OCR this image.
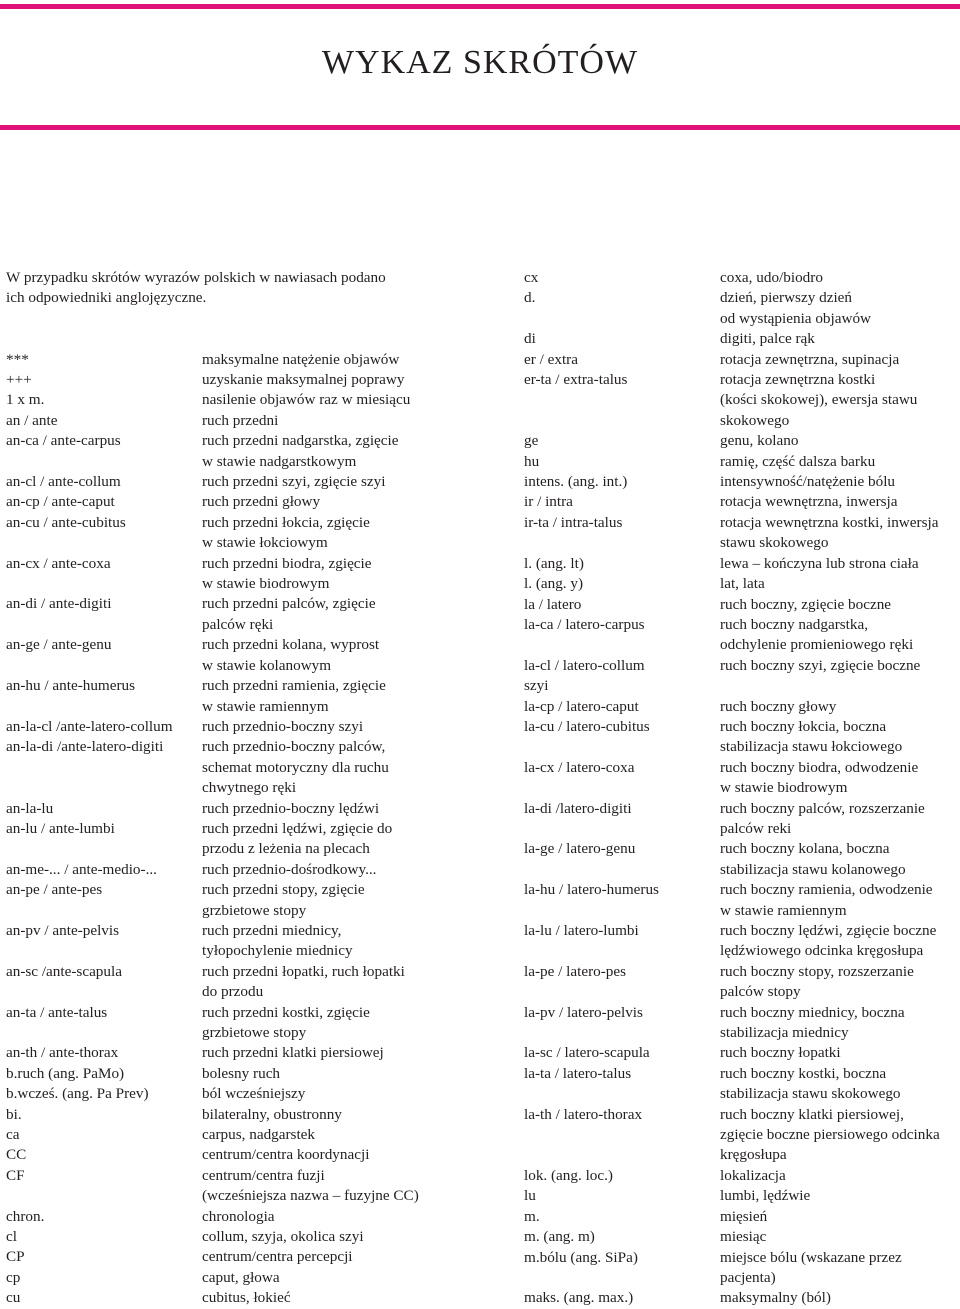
WYKAZ SKRÓTÓW

W przypadku skrótów wyrazów polskich w nawiasach podano
ich odpowiedniki anglojęzyczne.

***	maksymalne natężenie objawów
+++	uzyskanie maksymalnej poprawy
1 x m.	nasilenie objawów raz w miesiącu
an / ante	ruch przedni
an-ca / ante-carpus	ruch przedni nadgarstka, zgięcie
w stawie nadgarstkowym
an-cl / ante-collum	ruch przedni szyi, zgięcie szyi
an-cp / ante-caput	ruch przedni głowy
an-cu / ante-cubitus	ruch przedni łokcia, zgięcie
w stawie łokciowym
an-cx / ante-coxa	ruch przedni biodra, zgięcie
w stawie biodrowym
an-di / ante-digiti	ruch przedni palców, zgięcie
palców ręki
an-ge / ante-genu	ruch przedni kolana, wyprost
w stawie kolanowym
an-hu / ante-humerus	ruch przedni ramienia, zgięcie
w stawie ramiennym
an-la-cl /ante-latero-collum	ruch przednio-boczny szyi
an-la-di /ante-latero-digiti	ruch przednio-boczny palców,
schemat motoryczny dla ruchu
chwytnego ręki
an-la-lu	ruch przednio-boczny lędźwi
an-lu / ante-lumbi	ruch przedni lędźwi, zgięcie do
przodu z leżenia na plecach
an-me-... / ante-medio-...	ruch przednio-dośrodkowy...
an-pe / ante-pes	ruch przedni stopy, zgięcie
grzbietowe stopy
an-pv / ante-pelvis	ruch przedni miednicy,
tyłopochylenie miednicy
an-sc /ante-scapula	ruch przedni łopatki, ruch łopatki
do przodu
an-ta / ante-talus	ruch przedni kostki, zgięcie
grzbietowe stopy
an-th / ante-thorax	ruch przedni klatki piersiowej
b.ruch (ang. PaMo)	bolesny ruch
b.wcześ. (ang. Pa Prev)	ból wcześniejszy
bi.	bilateralny, obustronny
ca	carpus, nadgarstek
CC	centrum/centra koordynacji
CF	centrum/centra fuzji
(wcześniejsza nazwa – fuzyjne CC)
chron.	chronologia
cl	collum, szyja, okolica szyi
CP	centrum/centra percepcji
cp	caput, głowa
cu	cubitus, łokieć
cx	coxa, udo/biodro
d.	dzień, pierwszy dzień
od wystąpienia objawów
di	digiti, palce rąk
er / extra	rotacja zewnętrzna, supinacja
er-ta / extra-talus	rotacja zewnętrzna kostki
(kości skokowej), ewersja stawu
skokowego
ge	genu, kolano
hu	ramię, część dalsza barku
intens. (ang. int.)	intensywność/natężenie bólu
ir / intra	rotacja wewnętrzna, inwersja
ir-ta / intra-talus	rotacja wewnętrzna kostki, inwersja
stawu skokowego
l. (ang. lt)	lewa – kończyna lub strona ciała
l. (ang. y)	lat, lata
la / latero	ruch boczny, zgięcie boczne
la-ca / latero-carpus	ruch boczny nadgarstka,
odchylenie promieniowego ręki
la-cl / latero-collum	ruch boczny szyi, zgięcie boczne
szyi

la-cp / latero-caput	ruch boczny głowy
la-cu / latero-cubitus	ruch boczny łokcia, boczna
stabilizacja stawu łokciowego
la-cx / latero-coxa	ruch boczny biodra, odwodzenie
w stawie biodrowym
la-di /latero-digiti	ruch boczny palców, rozszerzanie
palców reki
la-ge / latero-genu	ruch boczny kolana, boczna
stabilizacja stawu kolanowego
la-hu / latero-humerus	ruch boczny ramienia, odwodzenie
w stawie ramiennym
la-lu / latero-lumbi	ruch boczny lędźwi, zgięcie boczne
lędźwiowego odcinka kręgosłupa
la-pe / latero-pes	ruch boczny stopy, rozszerzanie
palców stopy
la-pv / latero-pelvis	ruch boczny miednicy, boczna
stabilizacja miednicy
la-sc / latero-scapula	ruch boczny łopatki
la-ta / latero-talus	ruch boczny kostki, boczna
stabilizacja stawu skokowego
la-th / latero-thorax	ruch boczny klatki piersiowej,
zgięcie boczne piersiowego odcinka
kręgosłupa
lok. (ang. loc.)	lokalizacja
lu	lumbi, lędźwie
m.	mięsień
m. (ang. m)	miesiąc
m.bólu (ang. SiPa)	miejsce bólu (wskazane przez
pacjenta)
maks. (ang. max.)	maksymalny (ból)
